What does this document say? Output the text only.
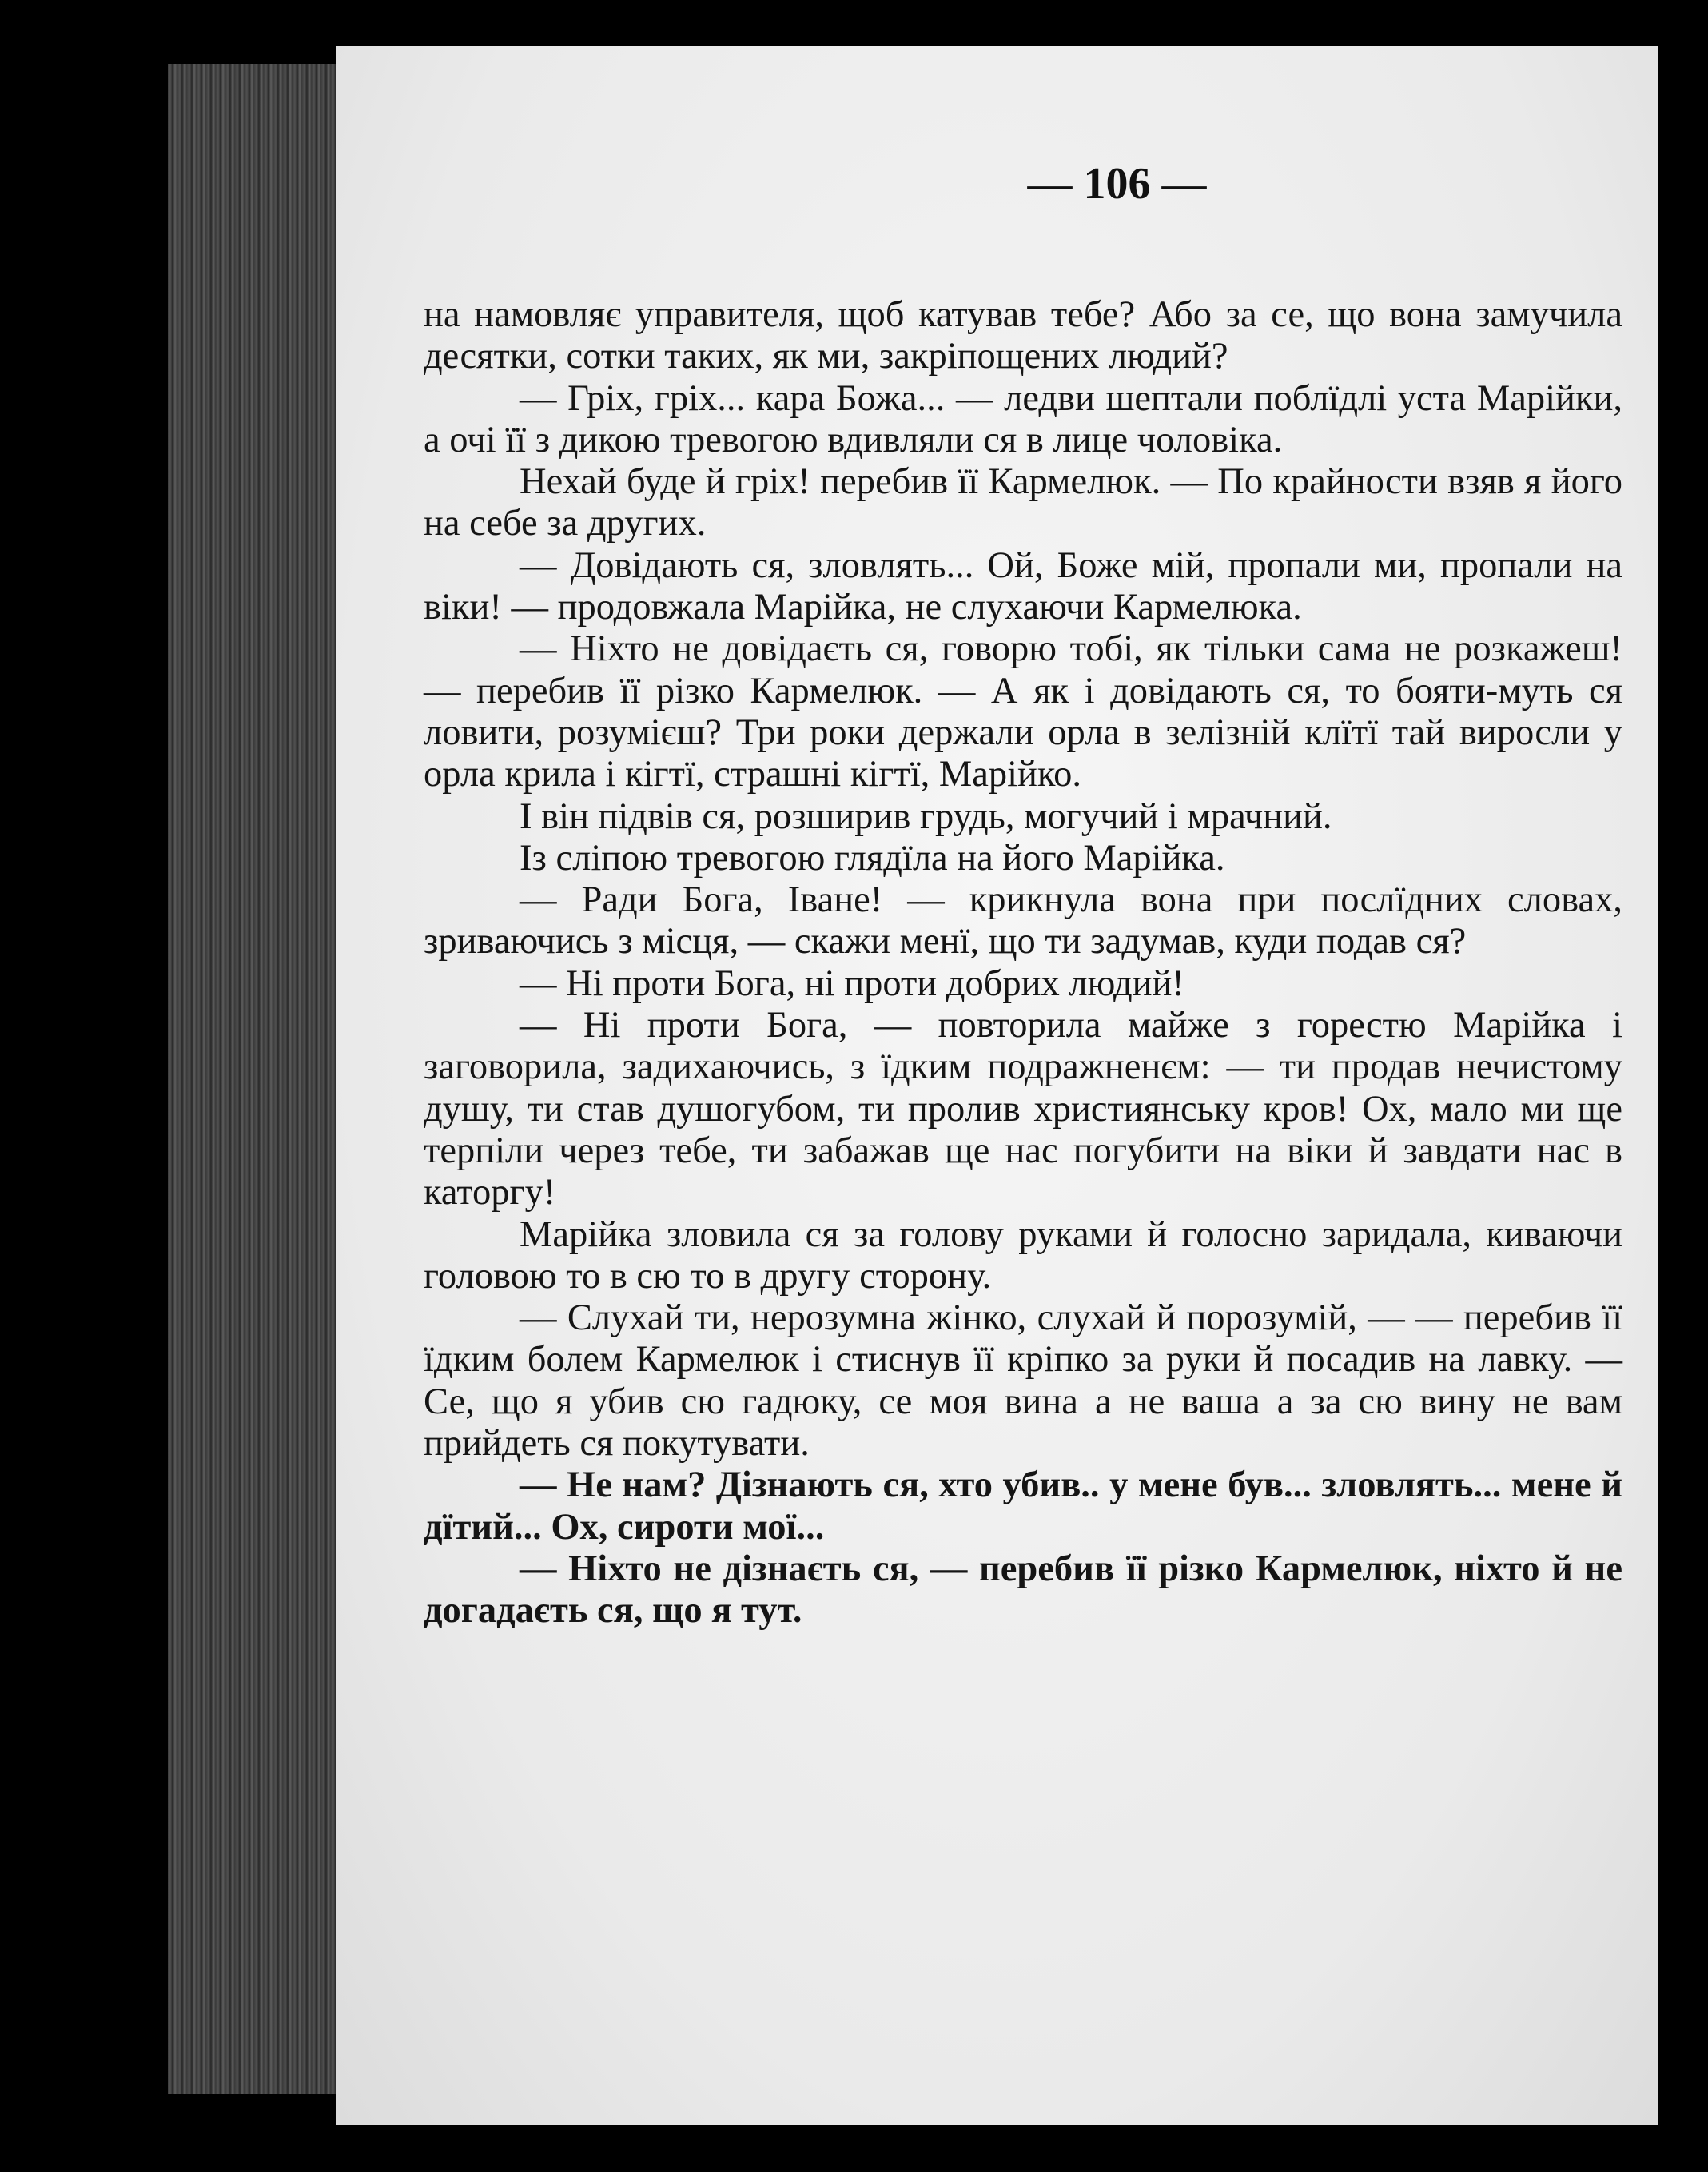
— 106 —

на намовляє управителя, щоб катував тебе? Або за се, що вона замучила десятки, сотки таких, як ми, закріпощених людий?

— Гріх, гріх... кара Божа... — ледви шептали поблїдлі уста Марійки, а очі її з дикою тревогою вдивляли ся в лице чоловіка.

Нехай буде й гріх! перебив її Кармелюк. — По крайности взяв я його на себе за других.

— Довідають ся, зловлять... Ой, Боже мій, пропали ми, пропали на віки! — продовжала Марійка, не слухаючи Кармелюка.

— Ніхто не довідаєть ся, говорю тобі, як тільки сама не розкажеш! — перебив її різко Кармелюк. — А як і довідають ся, то бояти-муть ся ловити, розумієш? Три роки держали орла в зелізній клїтї тай виросли у орла крила і кігтї, страшні кігтї, Марійко.

І він підвів ся, розширив грудь, могучий і мрачний.

Із сліпою тревогою глядїла на його Марійка.

— Ради Бога, Іване! — крикнула вона при послїдних словах, зриваючись з місця, — скажи менї, що ти задумав, куди подав ся?

— Ні проти Бога, ні проти добрих людий!

— Ні проти Бога, — повторила майже з горестю Марійка і заговорила, задихаючись, з їдким подражненєм: — ти продав нечистому душу, ти став душогубом, ти пролив християнську кров! Ох, мало ми ще терпіли через тебе, ти забажав ще нас погубити на віки й завдати нас в каторгу!

Марійка зловила ся за голову руками й голосно заридала, киваючи головою то в сю то в другу сторону.

— Слухай ти, нерозумна жінко, слухай й порозумій, — — перебив її їдким болем Кармелюк і стиснув її кріпко за руки й посадив на лавку. — Се, що я убив сю гадюку, се моя вина а не ваша а за сю вину не вам прийдеть ся покутувати.

— Не нам? Дізнають ся, хто убив.. у мене був... зловлять... мене й дїтий... Ох, сироти мої...

— Ніхто не дізнаєть ся, — перебив її різко Кармелюк, ніхто й не догадаєть ся, що я тут.
